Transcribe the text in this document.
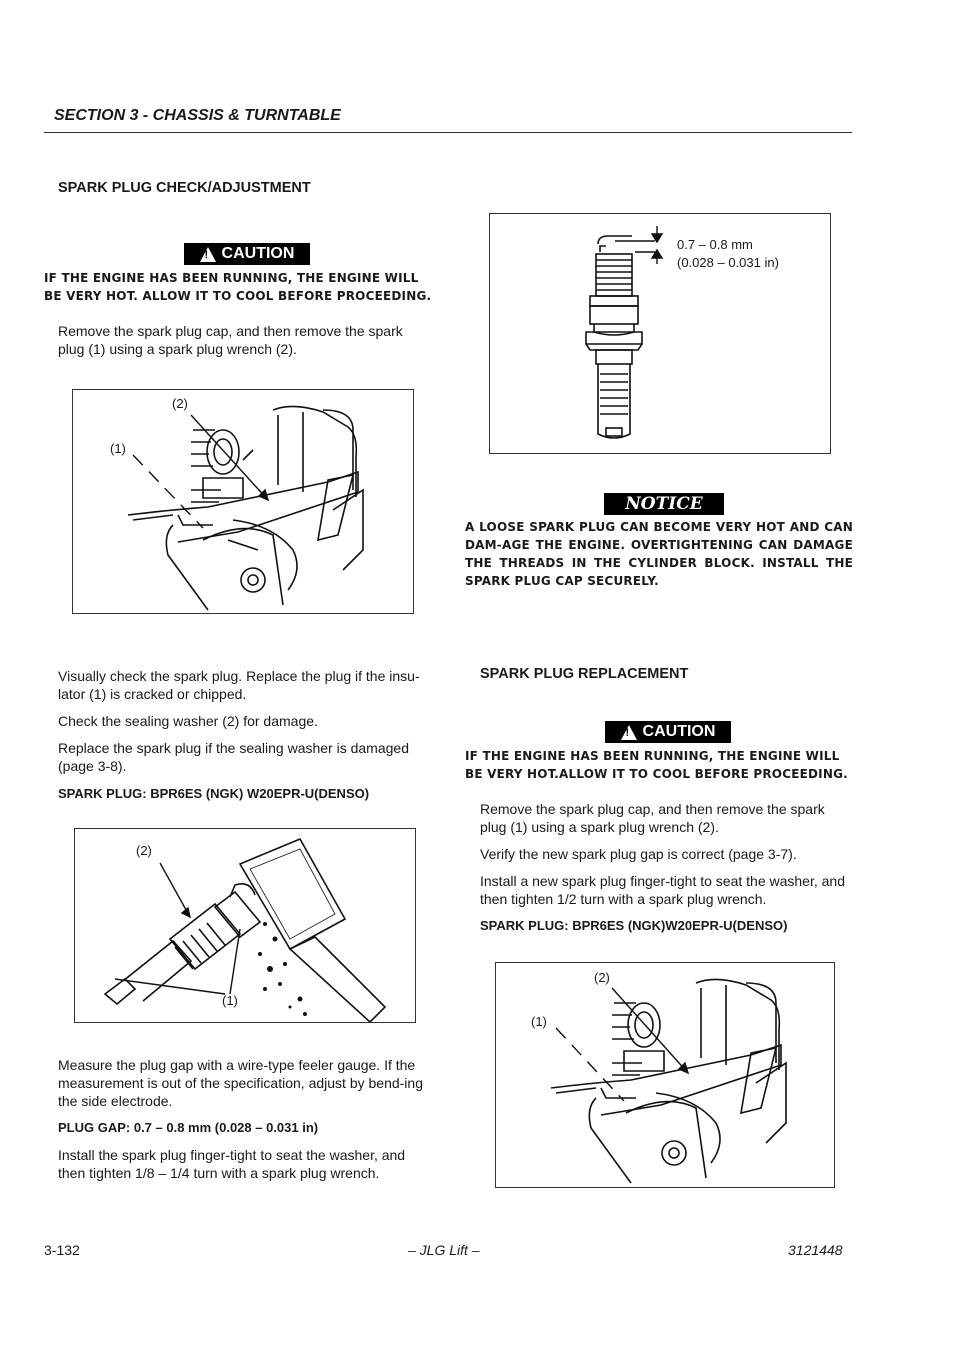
SECTION 3 - CHASSIS & TURNTABLE
SPARK PLUG CHECK/ADJUSTMENT
! CAUTION
IF THE ENGINE HAS BEEN RUNNING, THE ENGINE WILL BE VERY HOT. ALLOW IT TO COOL BEFORE PROCEEDING.
Remove the spark plug cap, and then remove the spark plug (1) using a spark plug wrench (2).
(2)
(1)
Visually check the spark plug. Replace the plug if the insu-lator (1) is cracked or chipped.
Check the sealing washer (2) for damage.
Replace the spark plug if the sealing washer is damaged (page 3-8).
SPARK PLUG: BPR6ES (NGK) W20EPR-U(DENSO)
(2)
(1)
Measure the plug gap with a wire-type feeler gauge. If the measurement is out of the specification, adjust by bend-ing the side electrode.
PLUG GAP: 0.7 – 0.8 mm (0.028 – 0.031 in)
Install the spark plug finger-tight to seat the washer, and then tighten 1/8 – 1/4 turn with a spark plug wrench.
0.7 – 0.8 mm
(0.028 – 0.031 in)
NOTICE
A LOOSE SPARK PLUG CAN BECOME VERY HOT AND CAN DAM-AGE THE ENGINE. OVERTIGHTENING CAN DAMAGE THE THREADS IN THE CYLINDER BLOCK. INSTALL THE SPARK PLUG CAP SECURELY.
SPARK PLUG REPLACEMENT
! CAUTION
IF THE ENGINE HAS BEEN RUNNING, THE ENGINE WILL BE VERY HOT.ALLOW IT TO COOL BEFORE PROCEEDING.
Remove the spark plug cap, and then remove the spark plug (1) using a spark plug wrench (2).
Verify the new spark plug gap is correct (page 3-7).
Install a new spark plug finger-tight to seat the washer, and then tighten 1/2 turn with a spark plug wrench.
SPARK PLUG: BPR6ES (NGK)W20EPR-U(DENSO)
(2)
(1)
3-132	– JLG Lift –	3121448
